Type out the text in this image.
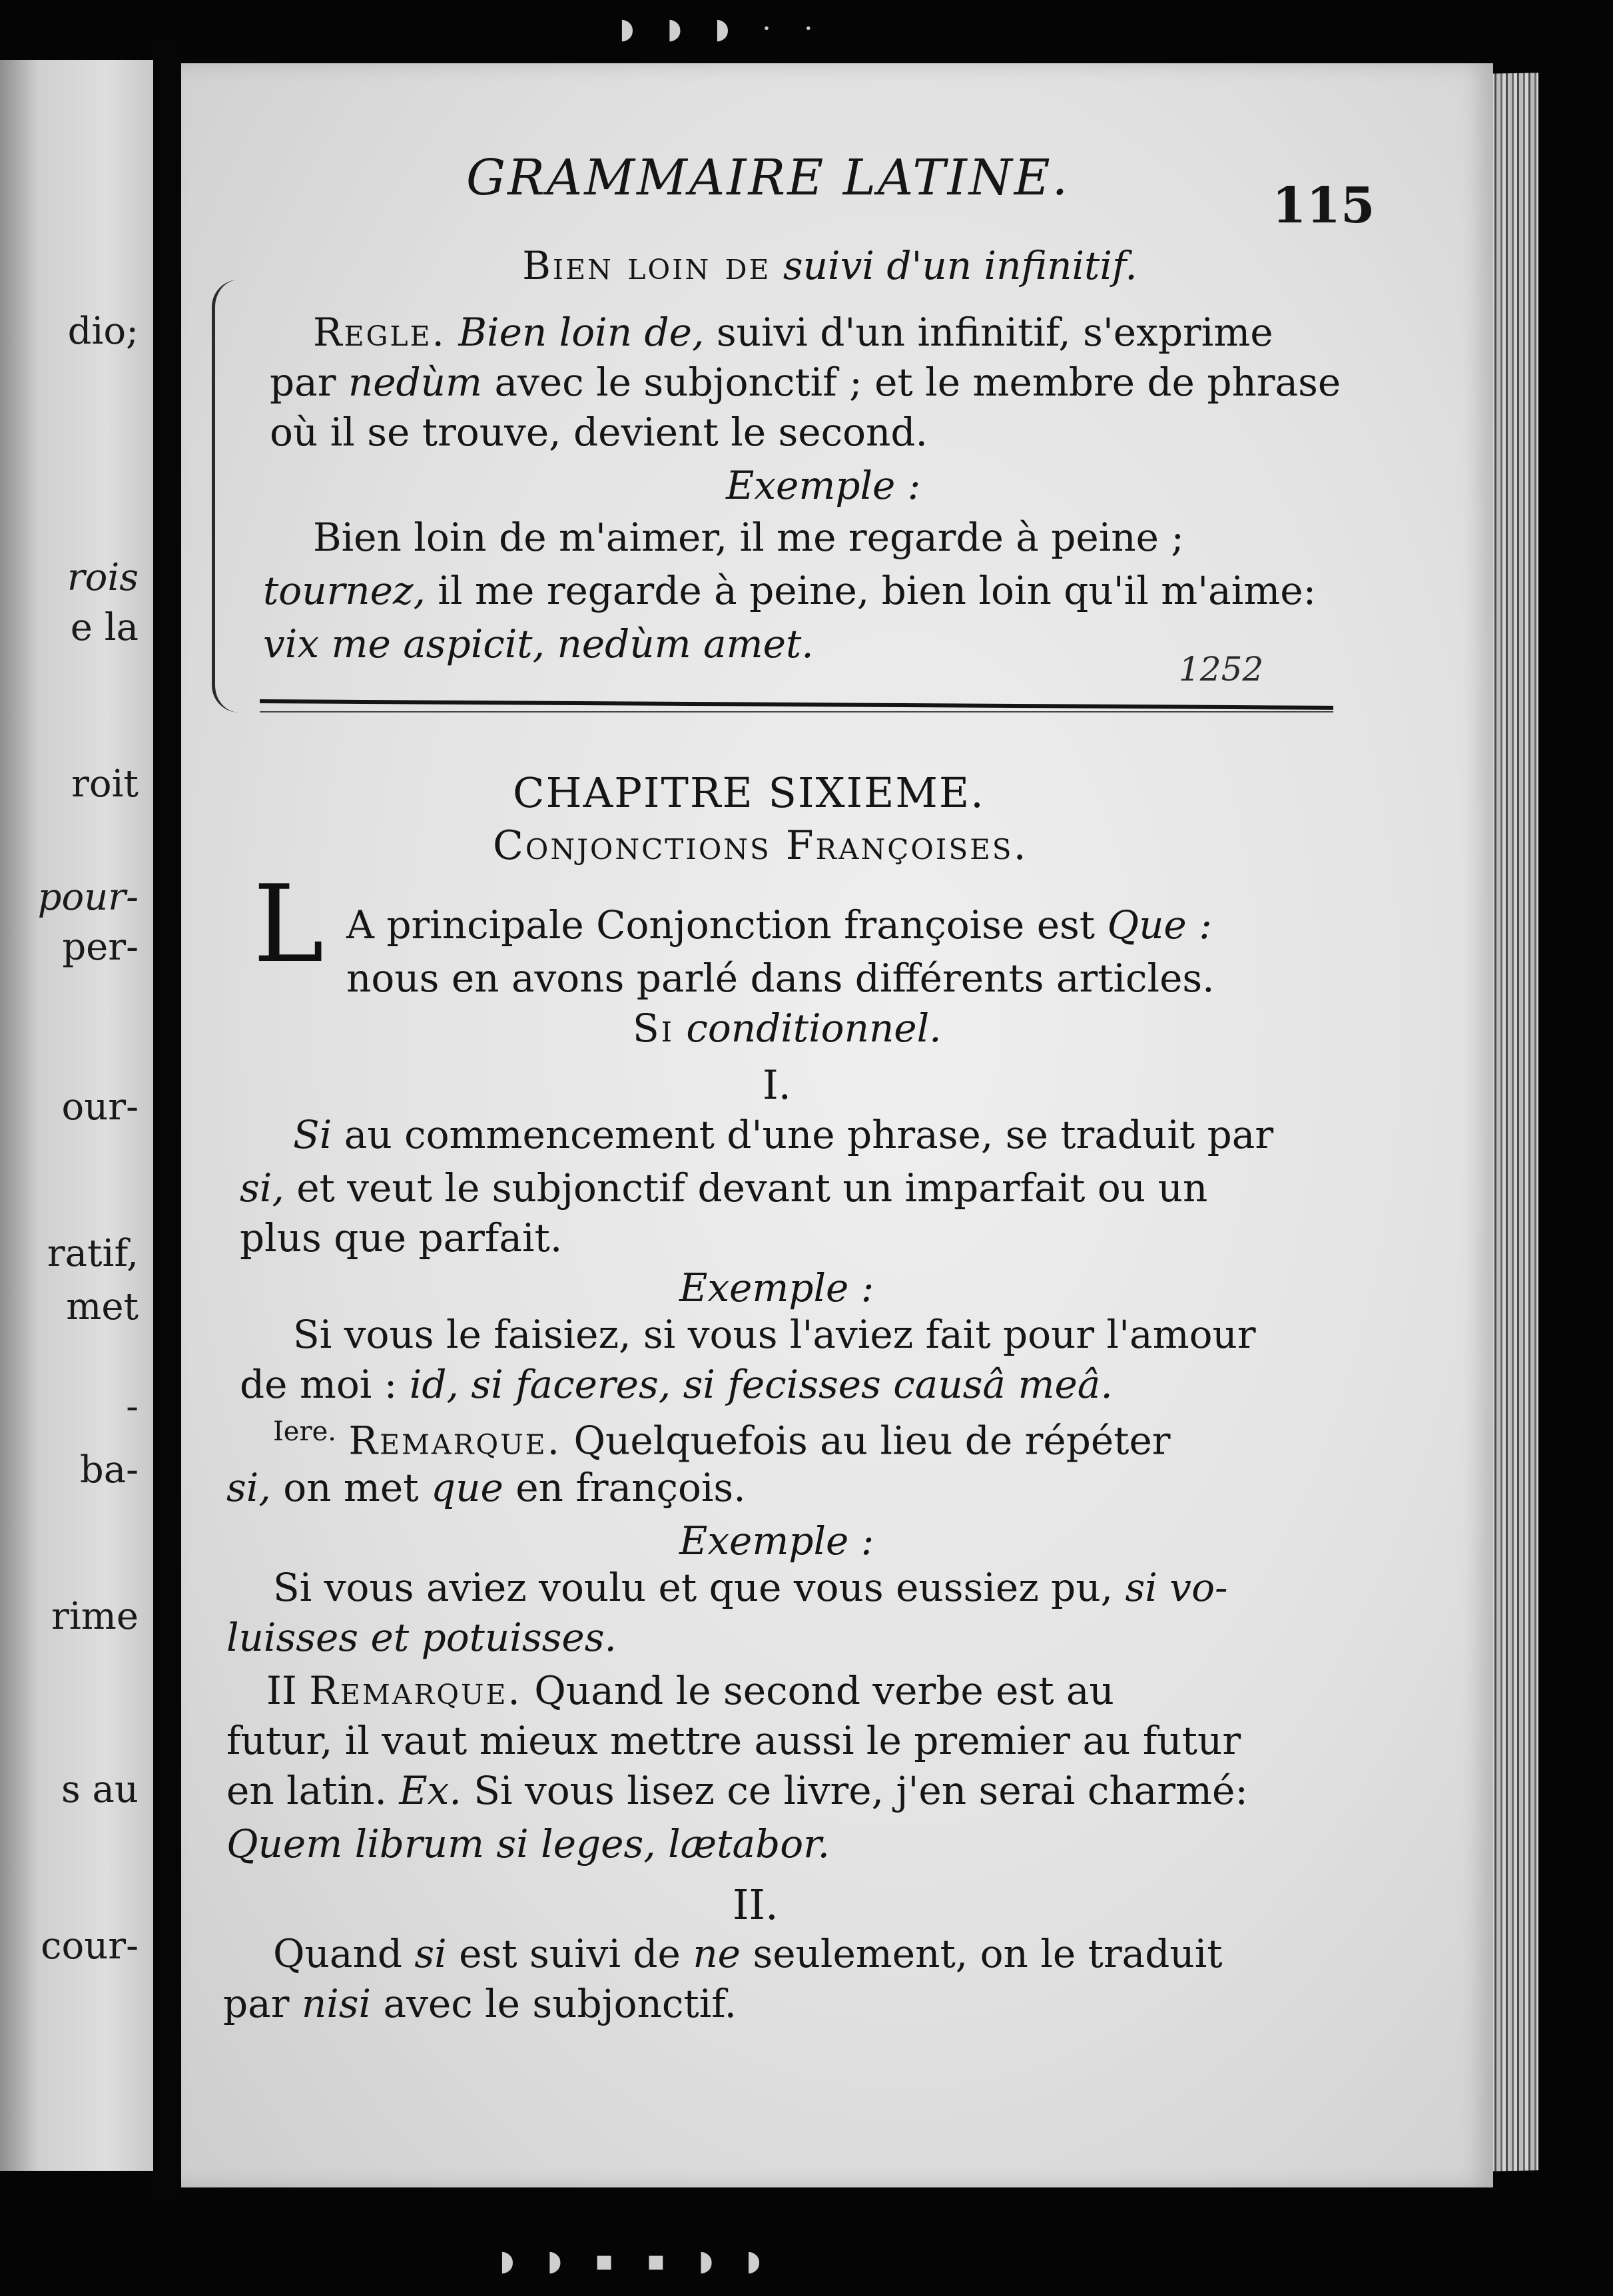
dio;
rois
e la
roit
pour-
per-
our-
ratif,
met
-
ba-
rime
s au
cour-
◗ ◗ ◗ · ·
◗ ◗ ▪ ▪ ◗ ◗
GRAMMAIRE LATINE.	115
Bien loin de suivi d'un infinitif.
Regle. Bien loin de, suivi d'un infinitif, s'exprime
par nedùm avec le subjonctif ; et le membre de phrase
où il se trouve, devient le second.
Exemple :
Bien loin de m'aimer, il me regarde à peine ;
tournez, il me regarde à peine, bien loin qu'il m'aime:
vix me aspicit, nedùm amet.
1252
CHAPITRE SIXIEME.
Conjonctions Françoises.
L A principale Conjonction françoise est Que :
nous en avons parlé dans différents articles.
Si conditionnel.
I.
Si au commencement d'une phrase, se traduit par
si, et veut le subjonctif devant un imparfait ou un
plus que parfait.
Exemple :
Si vous le faisiez, si vous l'aviez fait pour l'amour
de moi : id, si faceres, si fecisses causâ meâ.
$^{Iere.}$ Remarque. Quelquefois au lieu de répéter
si, on met que en françois.
Exemple :
Si vous aviez voulu et que vous eussiez pu, si vo-
luisses et potuisses.
II Remarque. Quand le second verbe est au
futur, il vaut mieux mettre aussi le premier au futur
en latin. Ex. Si vous lisez ce livre, j'en serai charmé:
Quem librum si leges, lætabor.
II.
Quand si est suivi de ne seulement, on le traduit
par nisi avec le subjonctif.
